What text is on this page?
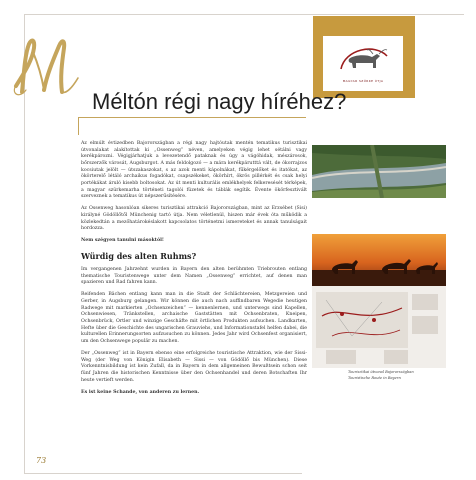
MAGYAR SZÜRKE ÚTJA
Méltón régi nagy híréhez?

Az elmúlt évtizedben Bajorországban a régi nagy hajtóutak mentén tematikus turisztikai útvonalakat alakítottak ki „Ossenweg” néven, amelyeken végig lehet sétálni vagy kerékpározni. Végigjárhatjuk a levezetendő pataknak és úgy a vágóhidak, mészárosok, bőrszerzők városát, Augsburgot. A más feldolgozó — a mára kerékpárutttá vált, de ókorrajzos kocsiutak jelölt — útszakaszokat, s az azok menti kápolnákat, fűkérgelőket és itatókat, az ökörterelő létáló archaikus fogadókat, csapszékeket, ökörhírt, ökrös pillérkét és csak helyi portékákat áruló kisebb boltosokat. Az út menti kulturális emlékhelyek felkeresését térképek, a magyar szürkemarha történeti tagolói füzetek és táblák segítik. Évente ökörfesztivált szerveznek a tematikus út népszerűsítésére.

Az Ossenweg hasonlóan sikeres turisztikai attrakció Bajorországban, mint az Erzsébet (Sisi) királyné Gödöllőtől Münchenig tartó útja. Nem véletlenül, hiszen már évek óta működik a közlekedtán a mezőhatárokéslakott kapcsolatos történetmi ismereteket és annak tanulságait hordozza.

Nem szégyen tanulni másoktól!

Würdig des alten Ruhms?

Im vergangenen Jahrzehnt wurden in Bayern den alten berühmten Triebrouten entlang thematische Touristenwege unter dem Namen „Ossenweg” errichtet, auf denen man spazieren und Rad fahren kann.

Reifenden Bächen entlang kann man in die Stadt der Schlächtereien, Metzgereien und Gerber, in Augsburg gelangen. Wir können die auch nach auffindbaren Wegedie heutigen Radwege mit markierten „Ochsenzeichen” — kennenlernen, und unterwegs sind Kapellen, Ochsenwiesen, Tränkstellen, archaische Gaststätten mit Ochsenbraten, Kneipen, Ochsenbrück, Ortler und winzige Geschäfte mit örtlichen Produkten aufsuchen. Landkarten, Hefte über die Geschichte des ungarischen Grauviehs, und Informationstafel helfen dabei, die kulturellen Erinnerungsorten aufzusuchen zu können. Jedes Jahr wird Ochsenfest organisiert, um den Ochsenwege populär zu machen.

Der „Ossenweg” ist in Bayern ebenso eine erfolgreiche touristische Attraktion, wie der Sissi-Weg (der Weg von Königin Elisabeth — Sissi — von Gödöllő bis München). Diese Vorkenntnisbildung ist kein Zufall, da in Bayern in dem allgemeinen Bewußtsein schon seit fünf Jahren die historischen Kenntnisse über den Ochsenhandel und deren Botschaften Ihr heute vertieft werden.

Es ist keine Schande, von anderen zu lernen.

Tourisztikai útvonal Bajorországban
Touristische Route in Bayern
73
